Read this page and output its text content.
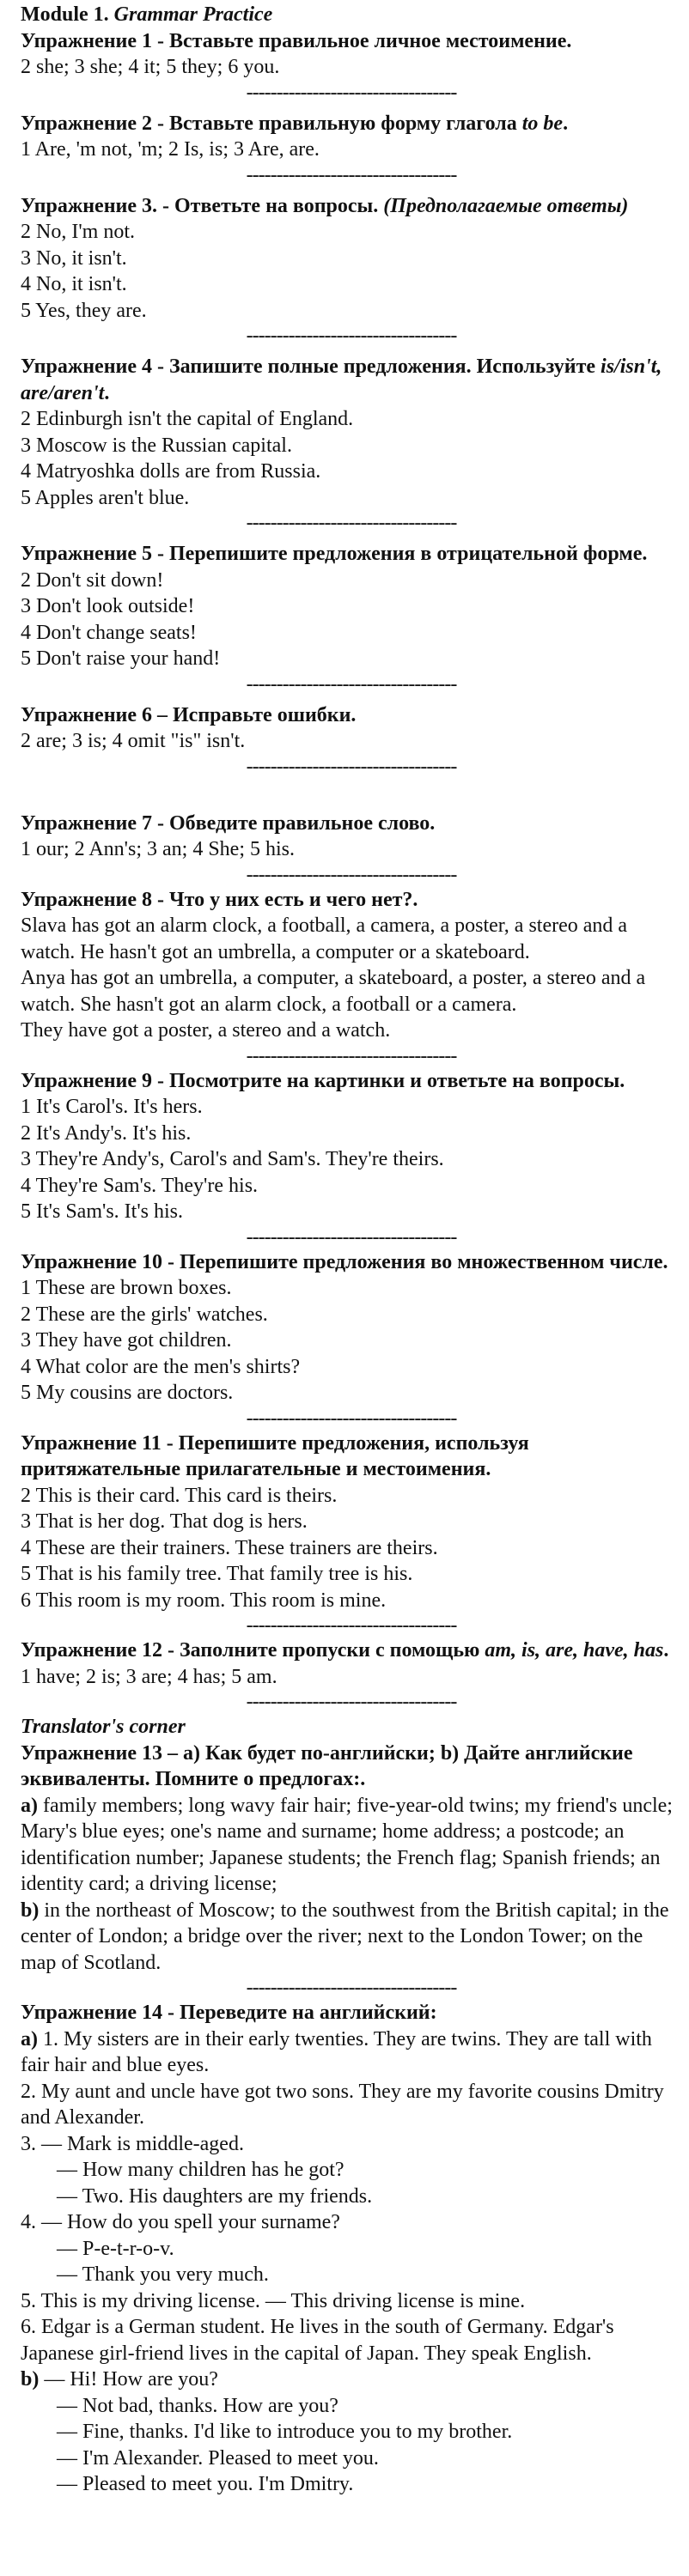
Module 1. Grammar Practice
Упражнение 1 - Вставьте правильное личное местоимение.
2 she; 3 she; 4 it; 5 they; 6 you.
-----------------------------------
Упражнение 2 - Вставьте правильную форму глагола to be.
1 Are, 'm not, 'm; 2 Is, is; 3 Are, are.
-----------------------------------
Упражнение 3. - Ответьте на вопросы. (Предполагаемые ответы)
2 No, I'm not.
3 No, it isn't.
4 No, it isn't.
5 Yes, they are.
-----------------------------------
Упражнение 4 - Запишите полные предложения. Используйте is/isn't, are/aren't.
2 Edinburgh isn't the capital of England.
3 Moscow is the Russian capital.
4 Matryoshka dolls are from Russia.
5 Apples aren't blue.
-----------------------------------
Упражнение 5 - Перепишите предложения в отрицательной форме.
2 Don't sit down!
3 Don't look outside!
4 Don't change seats!
5 Don't raise your hand!
-----------------------------------
Упражнение 6 – Исправьте ошибки.
2 are; 3 is; 4 omit "is" isn't.
-----------------------------------
Упражнение 7 - Обведите правильное слово.
1 our; 2 Ann's; 3 an; 4 She; 5 his.
-----------------------------------
Упражнение 8 - Что у них есть и чего нет?.
Slava has got an alarm clock, a football, a camera, a poster, a stereo and a watch. He hasn't got an umbrella, a computer or a skateboard.
Anya has got an umbrella, a computer, a skateboard, a poster, a stereo and a watch. She hasn't got an alarm clock, a football or a camera.
They have got a poster, a stereo and a watch.
-----------------------------------
Упражнение 9 - Посмотрите на картинки и ответьте на вопросы.
1 It's Carol's. It's hers.
2 It's Andy's. It's his.
3 They're Andy's, Carol's and Sam's. They're theirs.
4 They're Sam's. They're his.
5 It's Sam's. It's his.
-----------------------------------
Упражнение 10 - Перепишите предложения во множественном числе.
1 These are brown boxes.
2 These are the girls' watches.
3 They have got children.
4 What color are the men's shirts?
5 My cousins are doctors.
-----------------------------------
Упражнение 11 - Перепишите предложения, используя притяжательные прилагательные и местоимения.
2 This is their card. This card is theirs.
3 That is her dog. That dog is hers.
4 These are their trainers. These trainers are theirs.
5 That is his family tree. That family tree is his.
6 This room is my room. This room is mine.
-----------------------------------
Упражнение 12 - Заполните пропуски с помощью am, is, are, have, has.
1 have; 2 is; 3 are; 4 has; 5 am.
-----------------------------------
Translator's corner
Упражнение 13 – a) Как будет по-английски; b) Дайте английские эквиваленты. Помните о предлогах:.
a) family members; long wavy fair hair; five-year-old twins; my friend's uncle; Mary's blue eyes; one's name and surname; home address; a postcode; an identification number; Japanese students; the French flag; Spanish friends; an identity card; a driving license;
b) in the northeast of Moscow; to the southwest from the British capital; in the center of London; a bridge over the river; next to the London Tower; on the map of Scotland.
-----------------------------------
Упражнение 14 - Переведите на английский:
a) 1. My sisters are in their early twenties. They are twins. They are tall with fair hair and blue eyes.
2. My aunt and uncle have got two sons. They are my favorite cousins Dmitry and Alexander.
3. — Mark is middle-aged.
— How many children has he got?
— Two. His daughters are my friends.
4. — How do you spell your surname?
— P-e-t-r-o-v.
— Thank you very much.
5. This is my driving license. — This driving license is mine.
6. Edgar is a German student. He lives in the south of Germany. Edgar's Japanese girl-friend lives in the capital of Japan. They speak English.
b) — Hi! How are you?
— Not bad, thanks. How are you?
— Fine, thanks. I'd like to introduce you to my brother.
— I'm Alexander. Pleased to meet you.
— Pleased to meet you. I'm Dmitry.
